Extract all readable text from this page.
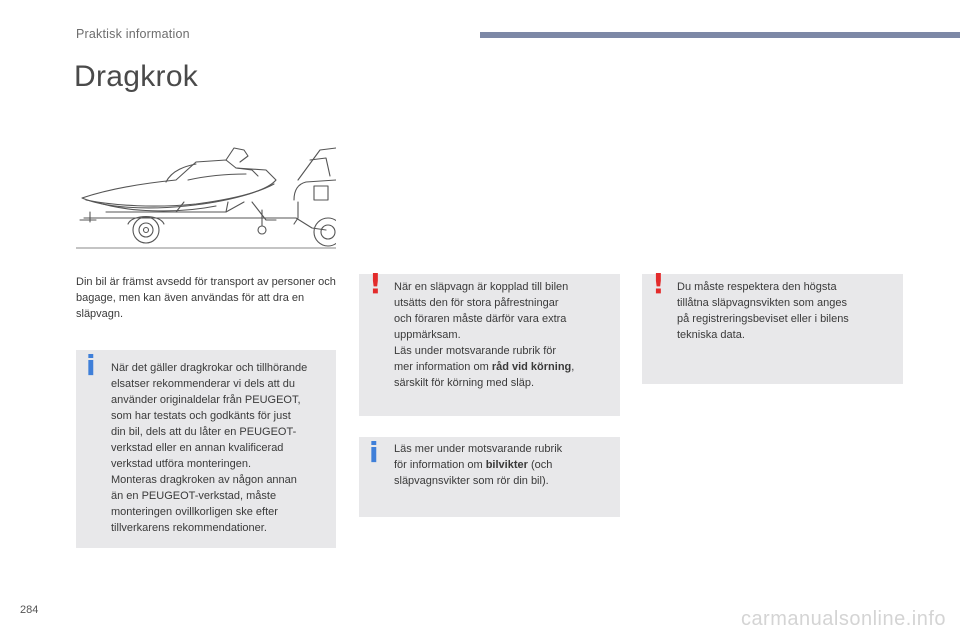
Praktisk information
Dragkrok
Din bil är främst avsedd för transport av personer och bagage, men kan även användas för att dra en släpvagn.
i När det gäller dragkrokar och tillhörande

elsatser rekommenderar vi dels att du

använder originaldelar från PEUGEOT,

som har testats och godkänts för just

din bil, dels att du låter en PEUGEOT-

verkstad eller en annan kvalificerad

verkstad utföra monteringen.

Monteras dragkroken av någon annan

än en PEUGEOT-verkstad, måste

monteringen ovillkorligen ske efter

tillverkarens rekommendationer.

! När en släpvagn är kopplad till bilen

utsätts den för stora påfrestningar

och föraren måste därför vara extra

uppmärksam.

Läs under motsvarande rubrik för

mer information om råd vid körning,

särskilt för körning med släp.

i Läs mer under motsvarande rubrik

för information om bilvikter (och

släpvagnsvikter som rör din bil).

! Du måste respektera den högsta

tillåtna släpvagnsvikten som anges

på registreringsbeviset eller i bilens

tekniska data.

284	carmanualsonline.info
